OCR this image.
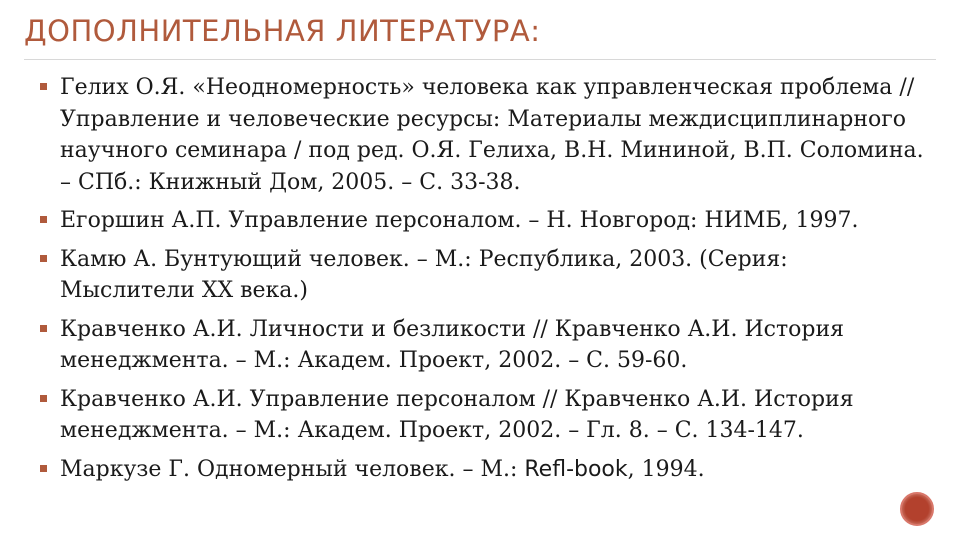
ДОПОЛНИТЕЛЬНАЯ ЛИТЕРАТУРА:
Гелих О.Я. «Неодномерность» человека как управленческая проблема // Управление и человеческие ресурсы: Материалы междисциплинарного научного семинара / под ред. О.Я. Гелиха, В.Н. Мининой, В.П. Соломина. – СПб.: Книжный Дом, 2005. – С. 33-38.
Егоршин А.П. Управление персоналом. – Н. Новгород: НИМБ, 1997.
Камю А. Бунтующий человек. – М.: Республика, 2003. (Серия: Мыслители XX века.)
Кравченко А.И. Личности и безликости // Кравченко А.И. История менеджмента. – М.: Академ. Проект, 2002. – С. 59-60.
Кравченко А.И. Управление персоналом // Кравченко А.И. История менеджмента. – М.: Академ. Проект, 2002. – Гл. 8. – С. 134-147.
Маркузе Г. Одномерный человек. – М.: Refl-book, 1994.
